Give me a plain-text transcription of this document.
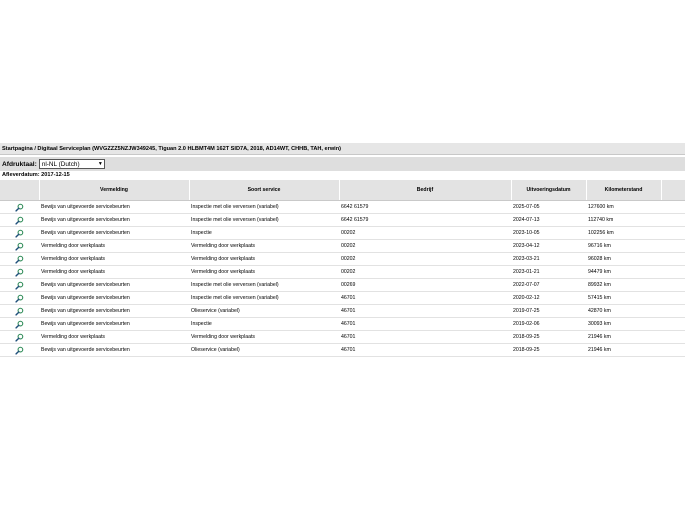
Startpagina / Digitaal Serviceplan (WVGZZZ5NZJW349245, Tiguan 2.0 HLBMT4M 162T SID7A, 2018, AD14WT, CHHB, TAH, erwin)
Afdruktaal: nl-NL (Dutch)	▼
Afleverdatum: 2017-12-15
	Vermelding	Soort service	Bedrijf	Uitvoeringsdatum	Kilometerstand	
	Bewijs van uitgevoerde servicebeurten	Inspectie met olie verversen (variabel)	6642 61579	2025-07-05	127600 km	
	Bewijs van uitgevoerde servicebeurten	Inspectie met olie verversen (variabel)	6642 61579	2024-07-13	112740 km	
	Bewijs van uitgevoerde servicebeurten	Inspectie	00202	2023-10-05	102256 km	
	Vermelding door werkplaats	Vermelding door werkplaats	00202	2023-04-12	96716 km	
	Vermelding door werkplaats	Vermelding door werkplaats	00202	2023-03-21	96028 km	
	Vermelding door werkplaats	Vermelding door werkplaats	00202	2023-01-21	94479 km	
	Bewijs van uitgevoerde servicebeurten	Inspectie met olie verversen (variabel)	00269	2022-07-07	89932 km	
	Bewijs van uitgevoerde servicebeurten	Inspectie met olie verversen (variabel)	46701	2020-02-12	57415 km	
	Bewijs van uitgevoerde servicebeurten	Olieservice (variabel)	46701	2019-07-25	42870 km	
	Bewijs van uitgevoerde servicebeurten	Inspectie	46701	2019-02-06	30093 km	
	Vermelding door werkplaats	Vermelding door werkplaats	46701	2018-09-25	21946 km	
	Bewijs van uitgevoerde servicebeurten	Olieservice (variabel)	46701	2018-09-25	21946 km	
